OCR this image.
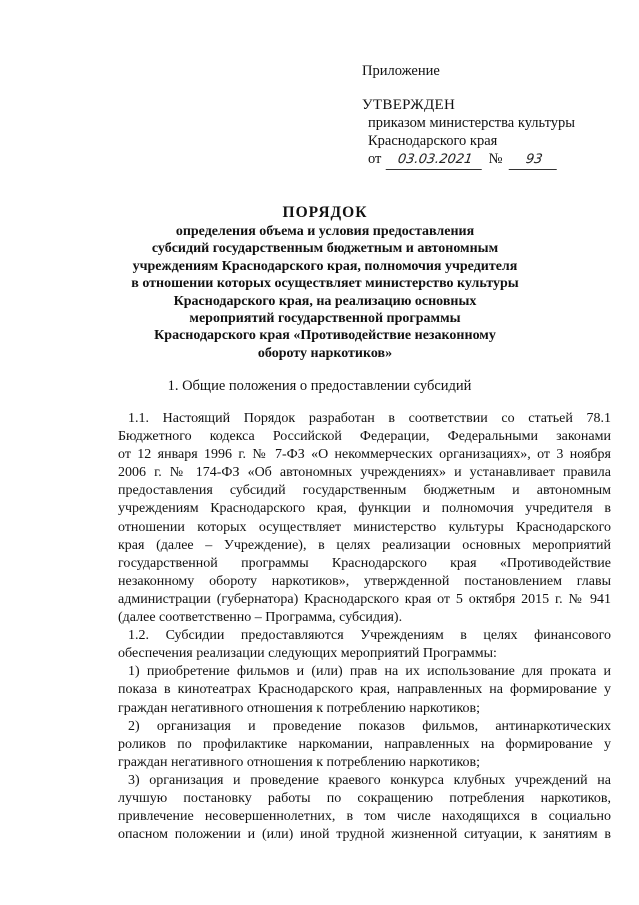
Приложение
УТВЕРЖДЕН
приказом министерства культуры
Краснодарского края
от 03.03.2021 № 93
ПОРЯДОК
определения объема и условия предоставления
субсидий государственным бюджетным и автономным
учреждениям Краснодарского края, полномочия учредителя
в отношении которых осуществляет министерство культуры
Краснодарского края, на реализацию основных
мероприятий государственной программы
Краснодарского края «Противодействие незаконному
обороту наркотиков»
1. Общие положения о предоставлении субсидий
1.1. Настоящий Порядок разработан в соответствии со статьей 78.1
Бюджетного кодекса Российской Федерации, Федеральными законами
от 12 января 1996 г. № 7-ФЗ «О некоммерческих организациях», от 3 ноября
2006 г. № 174-ФЗ «Об автономных учреждениях» и устанавливает правила
предоставления субсидий государственным бюджетным и автономным
учреждениям Краснодарского края, функции и полномочия учредителя в
отношении которых осуществляет министерство культуры Краснодарского
края (далее – Учреждение), в целях реализации основных мероприятий
государственной программы Краснодарского края «Противодействие
незаконному обороту наркотиков», утвержденной постановлением главы
администрации (губернатора) Краснодарского края от 5 октября 2015 г. № 941
(далее соответственно – Программа, субсидия).
1.2. Субсидии предоставляются Учреждениям в целях финансового
обеспечения реализации следующих мероприятий Программы:
1) приобретение фильмов и (или) прав на их использование для проката и
показа в кинотеатрах Краснодарского края, направленных на формирование у
граждан негативного отношения к потреблению наркотиков;
2) организация и проведение показов фильмов, антинаркотических
роликов по профилактике наркомании, направленных на формирование у
граждан негативного отношения к потреблению наркотиков;
3) организация и проведение краевого конкурса клубных учреждений на
лучшую постановку работы по сокращению потребления наркотиков,
привлечение несовершеннолетних, в том числе находящихся в социально
опасном положении и (или) иной трудной жизненной ситуации, к занятиям в
